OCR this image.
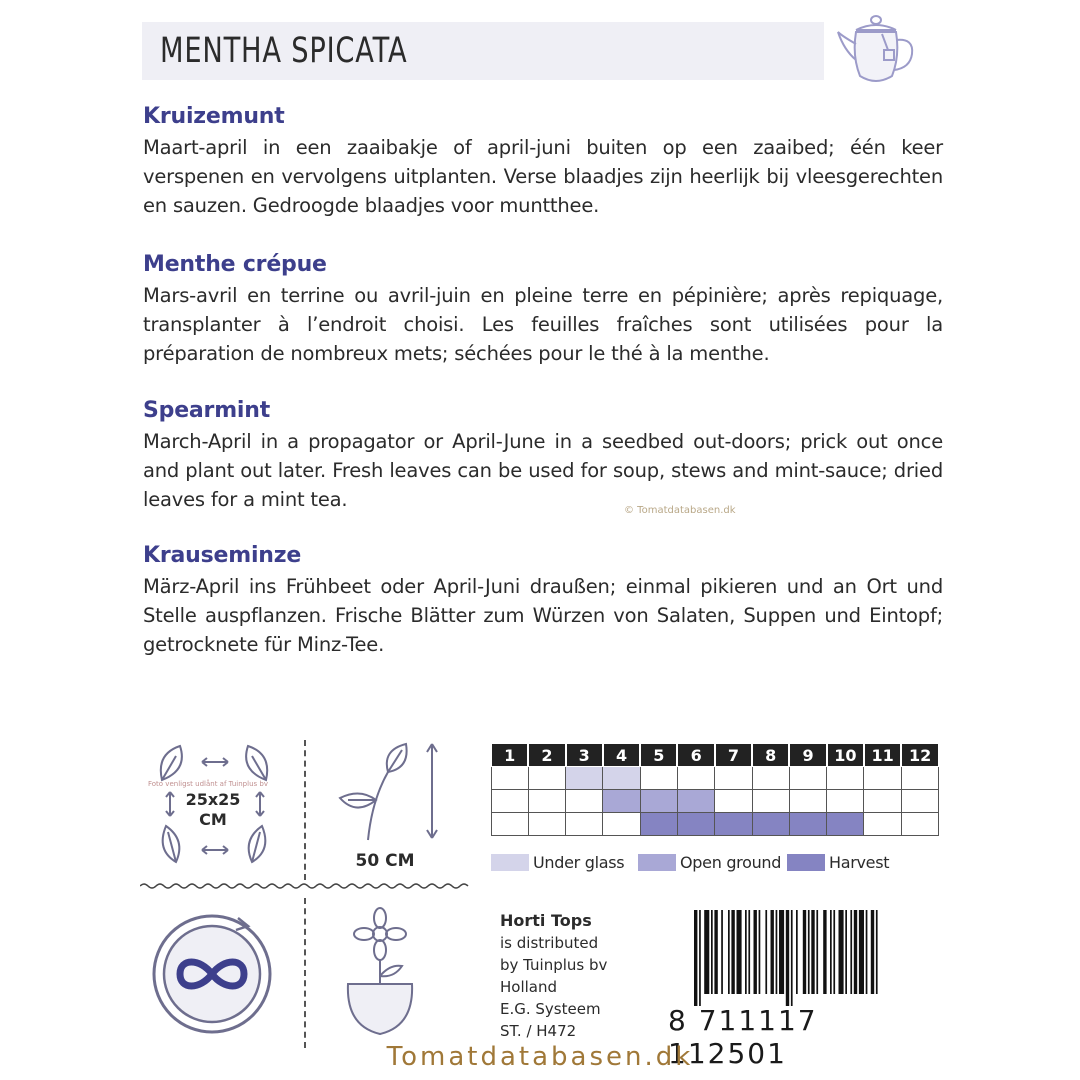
MENTHA SPICATA
Kruizemunt

Maart-april in een zaaibakje of april-juni buiten op een zaaibed; één keer verspenen en vervolgens uitplanten. Verse blaadjes zijn heerlijk bij vleesgerechten en sauzen. Gedroogde blaadjes voor muntthee.

Menthe crépue

Mars-avril en terrine ou avril-juin en pleine terre en pépinière; après repiquage, transplanter à l’endroit choisi. Les feuilles fraîches sont utilisées pour la préparation de nombreux mets; séchées pour le thé à la menthe.

Spearmint

March-April in a propagator or April-June in a seedbed out-doors; prick out once and plant out later. Fresh leaves can be used for soup, stews and mint-sauce; dried leaves for a mint tea.

Krauseminze

März-April ins Frühbeet oder April-Juni draußen; einmal pikieren und an Ort und Stelle auspflanzen. Frische Blätter zum Würzen von Salaten, Suppen und Eintopf; getrocknete für Minz-Tee.

© Tomatdatabasen.dk
Foto venligst udlånt af Tuinplus bv
25x25
CM
50 CM
1	2	3	4	5	6	7	8	9	10	11	12

Under glass	Open ground	Harvest
Horti Tops
is distributed
by Tuinplus bv
Holland
E.G. Systeem
ST. / H472	8 711117 112501
Tomatdatabasen.dk
